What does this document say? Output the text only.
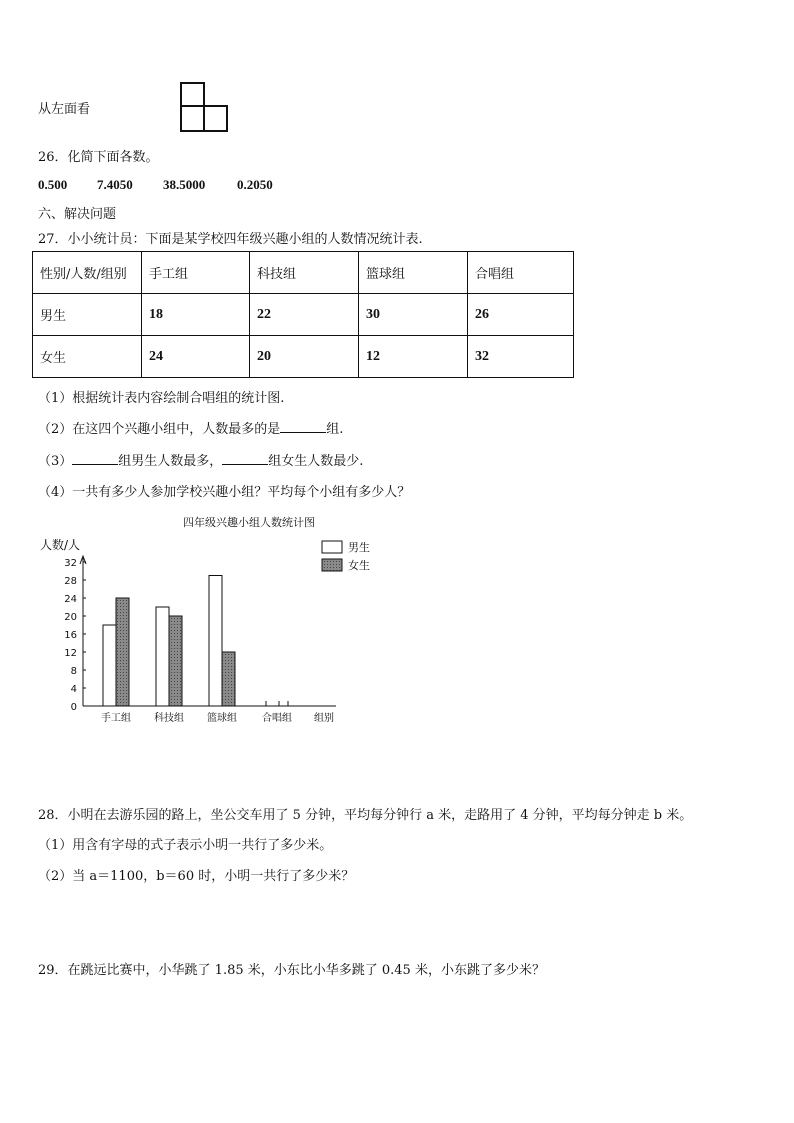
从左面看
26．化简下面各数。
0.500 7.4050 38.5000 0.2050
六、解决问题
27．小小统计员：下面是某学校四年级兴趣小组的人数情况统计表.
性别/人数/组别	手工组	科技组	篮球组	合唱组
男生	18	22	30	26
女生	24	20	12	32
（1）根据统计表内容绘制合唱组的统计图.
（2）在这四个兴趣小组中，人数最多的是	组.
（3）	组男生人数最多，	组女生人数最少.
（4）一共有多少人参加学校兴趣小组？平均每个小组有多少人？
四年级兴趣小组人数统计图
人数/人	男生
女生
0
4
8
12
16
20
24
28
32
手工组 科技组 篮球组	合唱组 组别
28．小明在去游乐园的路上，坐公交车用了 5 分钟，平均每分钟行 a 米，走路用了 4 分钟，平均每分钟走 b 米。
（1）用含有字母的式子表示小明一共行了多少米。
（2）当 a＝1100，b＝60 时，小明一共行了多少米？
29．在跳远比赛中，小华跳了 1.85 米，小东比小华多跳了 0.45 米，小东跳了多少米？
